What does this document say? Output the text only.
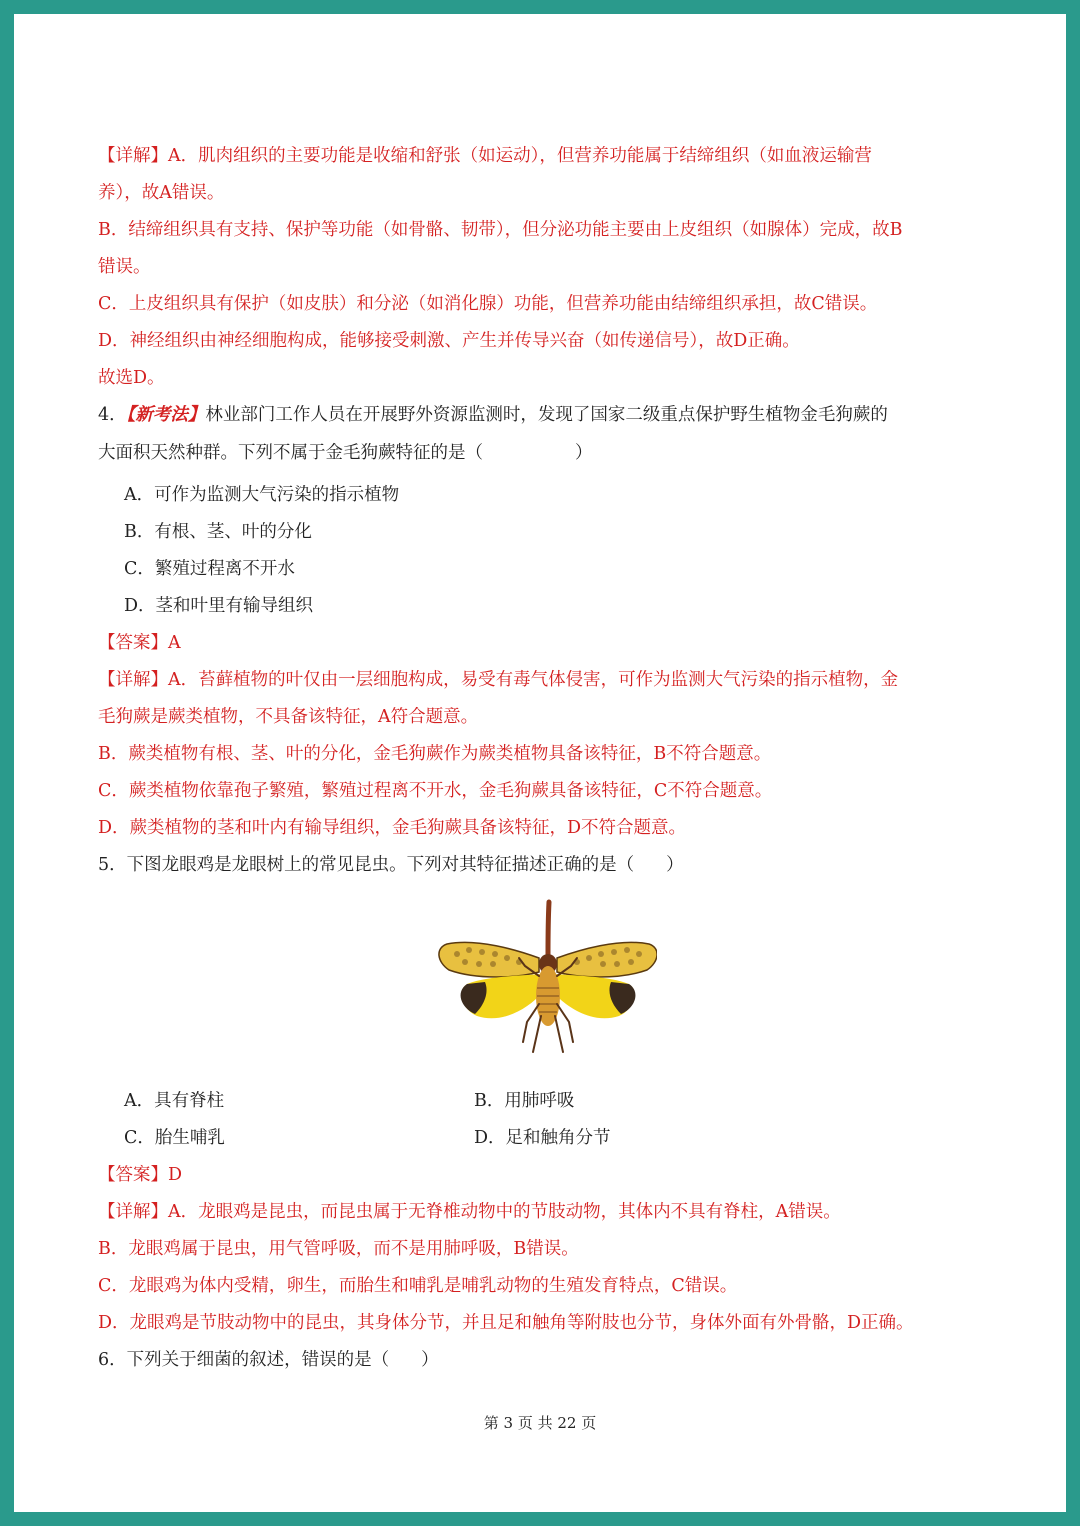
【详解】A．肌肉组织的主要功能是收缩和舒张（如运动），但营养功能属于结缔组织（如血液运输营
养），故A错误。
B．结缔组织具有支持、保护等功能（如骨骼、韧带），但分泌功能主要由上皮组织（如腺体）完成，故B
错误。
C．上皮组织具有保护（如皮肤）和分泌（如消化腺）功能，但营养功能由结缔组织承担，故C错误。
D．神经组织由神经细胞构成，能够接受刺激、产生并传导兴奋（如传递信号），故D正确。
故选D。
4．【新考法】林业部门工作人员在开展野外资源监测时，发现了国家二级重点保护野生植物金毛狗蕨的
大面积天然种群。下列不属于金毛狗蕨特征的是（	）
A．可作为监测大气污染的指示植物
B．有根、茎、叶的分化
C．繁殖过程离不开水
D．茎和叶里有输导组织
【答案】A
【详解】A．苔藓植物的叶仅由一层细胞构成，易受有毒气体侵害，可作为监测大气污染的指示植物，金
毛狗蕨是蕨类植物，不具备该特征，A符合题意。
B．蕨类植物有根、茎、叶的分化，金毛狗蕨作为蕨类植物具备该特征，B不符合题意。
C．蕨类植物依靠孢子繁殖，繁殖过程离不开水，金毛狗蕨具备该特征，C不符合题意。
D．蕨类植物的茎和叶内有输导组织，金毛狗蕨具备该特征，D不符合题意。
5．下图龙眼鸡是龙眼树上的常见昆虫。下列对其特征描述正确的是（ ）
A．具有脊柱	B．用肺呼吸
C．胎生哺乳	D．足和触角分节
【答案】D
【详解】A．龙眼鸡是昆虫，而昆虫属于无脊椎动物中的节肢动物，其体内不具有脊柱，A错误。
B．龙眼鸡属于昆虫，用气管呼吸，而不是用肺呼吸，B错误。
C．龙眼鸡为体内受精，卵生，而胎生和哺乳是哺乳动物的生殖发育特点，C错误。
D．龙眼鸡是节肢动物中的昆虫，其身体分节，并且足和触角等附肢也分节，身体外面有外骨骼，D正确。
6．下列关于细菌的叙述，错误的是（ ）
第 3 页 共 22 页
